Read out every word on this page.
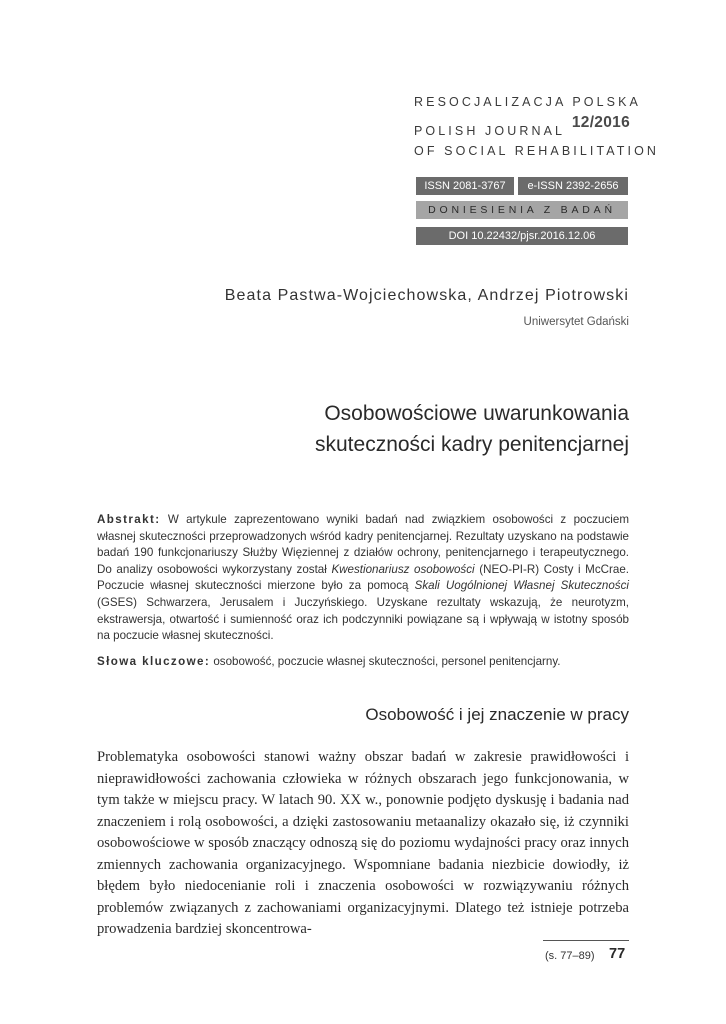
RESOCJALIZACJA POLSKA
POLISH JOURNAL
OF SOCIAL REHABILITATION
12/2016
ISSN 2081-3767	e-ISSN 2392-2656
DONIESIENIA Z BADAŃ
DOI 10.22432/pjsr.2016.12.06
Beata Pastwa-Wojciechowska, Andrzej Piotrowski
Uniwersytet Gdański
Osobowościowe uwarunkowania
skuteczności kadry penitencjarnej

Abstrakt: W artykule zaprezentowano wyniki badań nad związkiem osobowości z poczuciem własnej skuteczności przeprowadzonych wśród kadry penitencjarnej. Rezultaty uzyskano na podstawie badań 190 funkcjonariuszy Służby Więziennej z działów ochrony, penitencjarnego i terapeutycznego. Do analizy osobowości wykorzystany został Kwestionariusz osobowości (NEO-PI-R) Costy i McCrae. Poczucie własnej skuteczności mierzone było za pomocą Skali Uogólnionej Własnej Skuteczności (GSES) Schwarzera, Jerusalem i Juczyńskiego. Uzyskane rezultaty wskazują, że neurotyzm, ekstrawersja, otwartość i sumienność oraz ich podczynniki powiązane są i wpływają w istotny sposób na poczucie własnej skuteczności.

Słowa kluczowe: osobowość, poczucie własnej skuteczności, personel penitencjarny.

Osobowość i jej znaczenie w pracy

Problematyka osobowości stanowi ważny obszar badań w zakresie prawidłowości i nieprawidłowości zachowania człowieka w różnych obszarach jego funkcjonowania, w tym także w miejscu pracy. W latach 90. XX w., ponownie podjęto dyskusję i badania nad znaczeniem i rolą osobowości, a dzięki zastosowaniu metaanalizy okazało się, iż czynniki osobowościowe w sposób znaczący odnoszą się do poziomu wydajności pracy oraz innych zmiennych zachowania organizacyjnego. Wspomniane badania niezbicie dowiodły, iż błędem było niedocenianie roli i znaczenia osobowości w rozwiązywaniu różnych problemów związanych z zachowaniami organizacyjnymi. Dlatego też istnieje potrzeba prowadzenia bardziej skoncentrowa-

(s. 77–89) 77
